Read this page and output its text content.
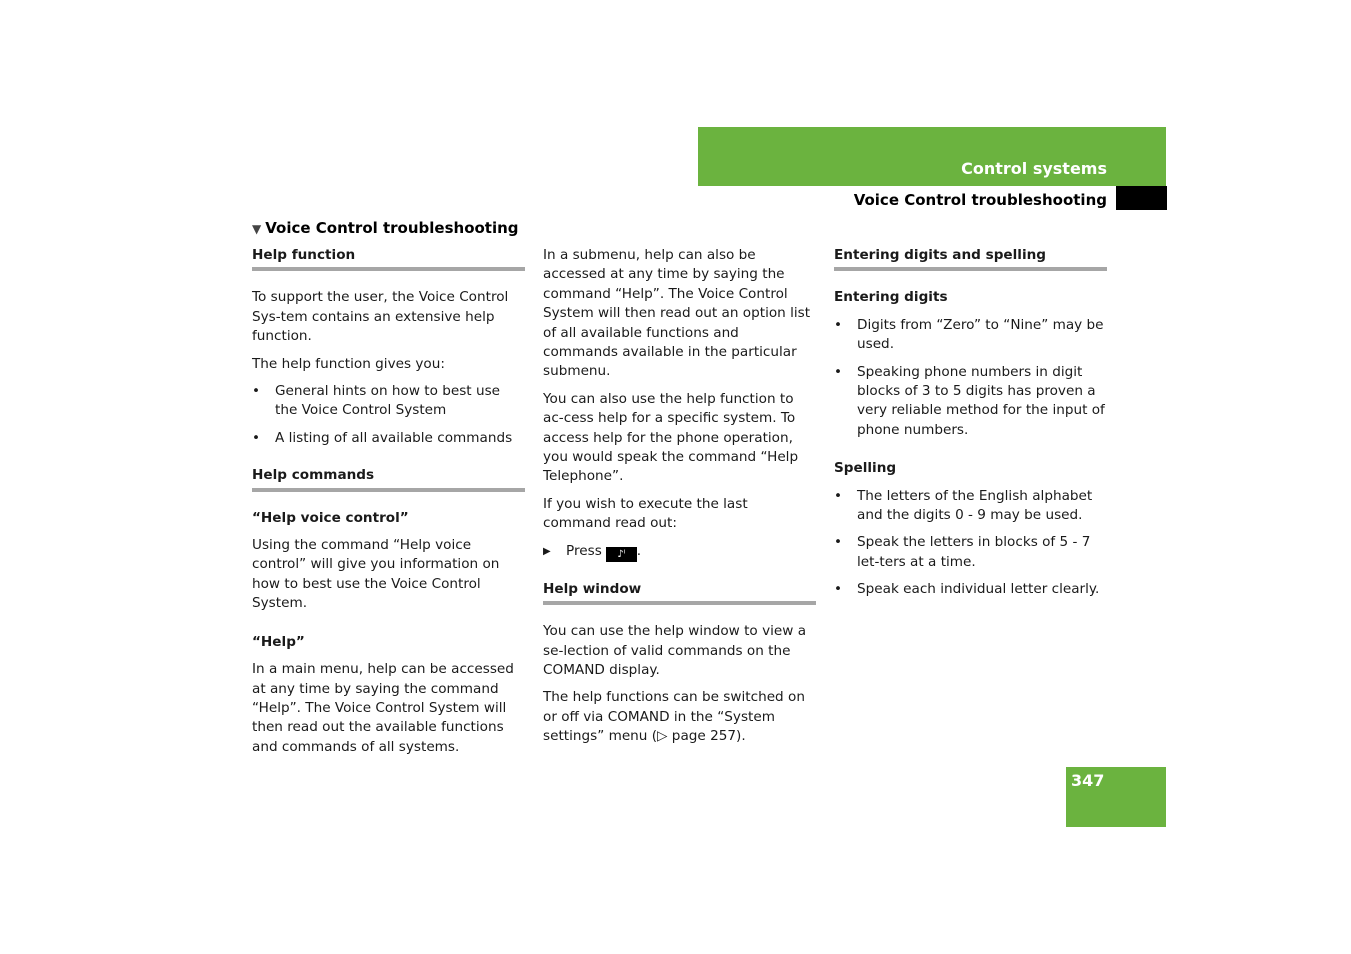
Control systems
Voice Control troubleshooting
▼ Voice Control troubleshooting
Help function

To support the user, the Voice Control Sys-tem contains an extensive help function.

The help function gives you:

• General hints on how to best use the Voice Control System
• A listing of all available commands
Help commands
“Help voice control”

Using the command “Help voice control” will give you information on how to best use the Voice Control System.

“Help”

In a main menu, help can be accessed at any time by saying the command “Help”. The Voice Control System will then read out the available functions and commands of all systems.

In a submenu, help can also be accessed at any time by saying the command “Help”. The Voice Control System will then read out an option list of all available functions and commands available in the particular submenu.

You can also use the help function to ac-cess help for a specific system. To access help for the phone operation, you would speak the command “Help Telephone”.

If you wish to execute the last command read out:

▶ Press ♪ˡ .
Help window

You can use the help window to view a se-lection of valid commands on the COMAND display.

The help functions can be switched on or off via COMAND in the “System settings” menu (▷ page 257).

Entering digits and spelling
Entering digits
• Digits from “Zero” to “Nine” may be used.
• Speaking phone numbers in digit blocks of 3 to 5 digits has proven a very reliable method for the input of phone numbers.
Spelling
• The letters of the English alphabet and the digits 0 - 9 may be used.
• Speak the letters in blocks of 5 - 7 let-ters at a time.
• Speak each individual letter clearly.
347
